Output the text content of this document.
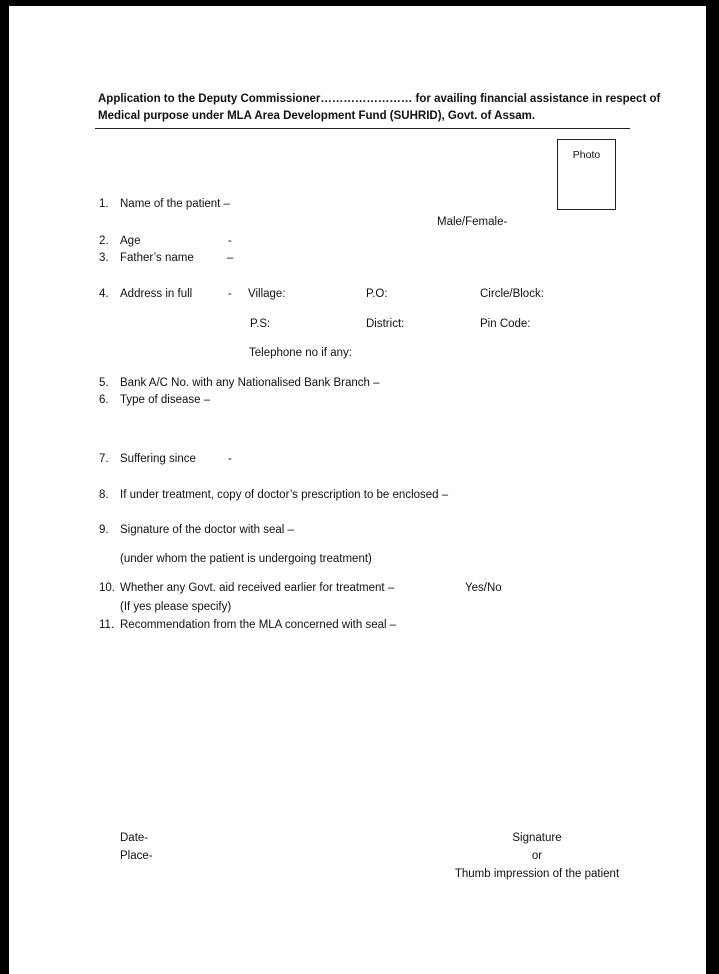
Application to the Deputy Commissioner…………………… for availing financial assistance in respect of
Medical purpose under MLA Area Development Fund (SUHRID), Govt. of Assam.
Photo
1. Name of the patient –
Male/Female-
2. Age	-
3. Father’s name	–
4. Address in full	- Village:	P.O:	Circle/Block:
P.S:	District:	Pin Code:
Telephone no if any:
5. Bank A/C No. with any Nationalised Bank Branch –
6. Type of disease –
7. Suffering since	-
8. If under treatment, copy of doctor’s prescription to be enclosed –
9. Signature of the doctor with seal –
(under whom the patient is undergoing treatment)
10. Whether any Govt. aid received earlier for treatment –	Yes/No
(If yes please specify)
11. Recommendation from the MLA concerned with seal –
Date-
Place-
Signature
or
Thumb impression of the patient
